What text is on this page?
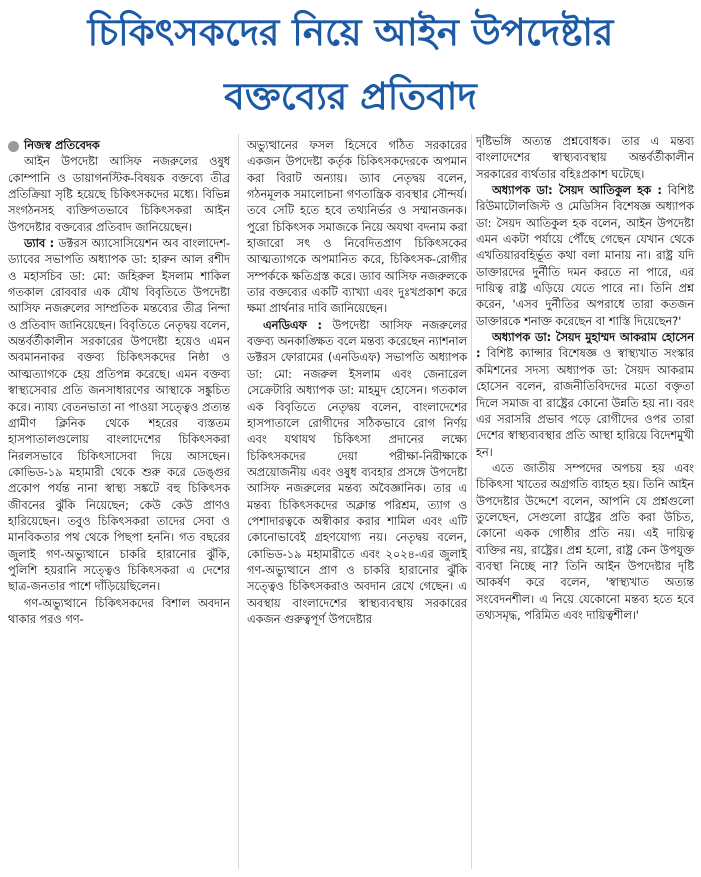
চিকিৎসকদের নিয়ে আইন উপদেষ্টার
বক্তব্যের প্রতিবাদ
নিজস্ব প্রতিবেদক

আইন উপদেষ্টা আসিফ নজরুলের ওষুধ কোম্পানি ও ডায়াগনস্টিক-বিষয়ক বক্তব্যে তীব্র প্রতিক্রিয়া সৃষ্টি হয়েছে চিকিৎসকদের মধ্যে। বিভিন্ন সংগঠনসহ ব্যক্তিগতভাবে চিকিৎসকরা আইন উপদেষ্টার বক্তব্যের প্রতিবাদ জানিয়েছেন।

ড্যাব : ডক্টরস অ্যাসোসিয়েশন অব বাংলাদেশ-ড্যাবের সভাপতি অধ্যাপক ডা: হারুন আল রশীদ ও মহাসচিব ডা: মো: জহিরুল ইসলাম শাকিল গতকাল রোববার এক যৌথ বিবৃতিতে উপদেষ্টা আসিফ নজরুলের সাম্প্রতিক মন্তব্যের তীব্র নিন্দা ও প্রতিবাদ জানিয়েছেন। বিবৃতিতে নেতৃদ্বয় বলেন, অন্তর্বর্তীকালীন সরকারের উপদেষ্টা হয়েও এমন অবমাননাকর বক্তব্য চিকিৎসকদের নিষ্ঠা ও আত্মত্যাগকে হেয় প্রতিপন্ন করেছে। এমন বক্তব্য স্বাস্থ্যসেবার প্রতি জনসাধারণের আস্থাকে সঙ্কুচিত করে। ন্যায্য বেতনভাতা না পাওয়া সত্ত্বেও প্রত্যন্ত গ্রামীণ ক্লিনিক থেকে শহরের ব্যস্ততম হাসপাতালগুলোয় বাংলাদেশের চিকিৎসকরা নিরলসভাবে চিকিৎসাসেবা দিয়ে আসছেন। কোভিড-১৯ মহামারী থেকে শুরু করে ডেঙ্গুর প্রকোপ পর্যন্ত নানা স্বাস্থ্য সঙ্কটে বহু চিকিৎসক জীবনের ঝুঁকি নিয়েছেন; কেউ কেউ প্রাণও হারিয়েছেন। তবুও চিকিৎসকরা তাদের সেবা ও মানবিকতার পথ থেকে পিছপা হননি। গত বছরের জুলাই গণ-অভ্যুত্থানে চাকরি হারানোর ঝুঁকি, পুলিশি হয়রানি সত্ত্বেও চিকিৎসকরা এ দেশের ছাত্র-জনতার পাশে দাঁড়িয়েছিলেন।

গণ-অভ্যুত্থানে চিকিৎসকদের বিশাল অবদান থাকার পরও গণ-

অভ্যুত্থানের ফসল হিসেবে গঠিত সরকারের একজন উপদেষ্টা কর্তৃক চিকিৎসকদেরকে অপমান করা বিরাট অন্যায়। ড্যাব নেতৃদ্বয় বলেন, গঠনমূলক সমালোচনা গণতান্ত্রিক ব্যবস্থার সৌন্দর্য। তবে সেটি হতে হবে তথ্যনির্ভর ও সম্মানজনক। পুরো চিকিৎসক সমাজকে নিয়ে অযথা বদনাম করা হাজারো সৎ ও নিবেদিতপ্রাণ চিকিৎসকের আত্মত্যাগকে অপমানিত করে, চিকিৎসক-রোগীর সম্পর্ককে ক্ষতিগ্রস্ত করে। ড্যাব আসিফ নজরুলকে তার বক্তব্যের একটি ব্যাখ্যা এবং দুঃখপ্রকাশ করে ক্ষমা প্রার্থনার দাবি জানিয়েছেন।

এনডিএফ : উপদেষ্টা আসিফ নজরুলের বক্তব্য অনকাঙ্ক্ষিত বলে মন্তব্য করেছেন ন্যাশনাল ডক্টরস ফোরামের (এনডিএফ) সভাপতি অধ্যাপক ডা: মো: নজরুল ইসলাম এবং জেনারেল সেক্রেটারি অধ্যাপক ডা: মাহমুদ হোসেন। গতকাল এক বিবৃতিতে নেতৃদ্বয় বলেন, বাংলাদেশের হাসপাতালে রোগীদের সঠিকভাবে রোগ নির্ণয় এবং যথাযথ চিকিৎসা প্রদানের লক্ষ্যে চিকিৎসকদের দেয়া পরীক্ষা-নিরীক্ষাকে অপ্রয়োজনীয় এবং ওষুধ ব্যবহার প্রসঙ্গে উপদেষ্টা আসিফ নজরুলের মন্তব্য অবৈজ্ঞানিক। তার এ মন্তব্য চিকিৎসকদের অক্লান্ত পরিশ্রম, ত্যাগ ও পেশাদারত্বকে অস্বীকার করার শামিল এবং এটি কোনোভাবেই গ্রহণযোগ্য নয়। নেতৃদ্বয় বলেন, কোভিড-১৯ মহামারীতে এবং ২০২৪-এর জুলাই গণ-অভ্যুত্থানে প্রাণ ও চাকরি হারানোর ঝুঁকি সত্ত্বেও চিকিৎসকরাও অবদান রেখে গেছেন। এ অবস্থায় বাংলাদেশের স্বাস্থ্যব্যবস্থায় সরকারের একজন গুরুত্বপূর্ণ উপদেষ্টার

দৃষ্টিভঙ্গি অত্যন্ত প্রশ্নবোধক। তার এ মন্তব্য বাংলাদেশের স্বাস্থ্যব্যবস্থায় অন্তর্বর্তীকালীন সরকারের ব্যর্থতার বহিঃপ্রকাশ ঘটেছে।

অধ্যাপক ডা: সৈয়দ আতিকুল হক : বিশিষ্ট রিউমাটোলজিস্ট ও মেডিসিন বিশেষজ্ঞ অধ্যাপক ডা: সৈয়দ আতিকুল হক বলেন, আইন উপদেষ্টা এমন একটা পর্যায়ে পৌঁছে গেছেন যেখান থেকে এখতিয়ারবহির্ভূত কথা বলা মানায় না। রাষ্ট্র যদি ডাক্তারদের দুর্নীতি দমন করতে না পারে, এর দায়িত্ব রাষ্ট্র এড়িয়ে যেতে পারে না। তিনি প্রশ্ন করেন, 'এসব দুর্নীতির অপরাধে তারা কতজন ডাক্তারকে শনাক্ত করেছেন বা শাস্তি দিয়েছেন?'

অধ্যাপক ডা: সৈয়দ মুহাম্মদ আকরাম হোসেন : বিশিষ্ট ক্যান্সার বিশেষজ্ঞ ও স্বাস্থ্যখাত সংস্কার কমিশনের সদস্য অধ্যাপক ডা: সৈয়দ আকরাম হোসেন বলেন, রাজনীতিবিদদের মতো বক্তৃতা দিলে সমাজ বা রাষ্ট্রের কোনো উন্নতি হয় না। বরং এর সরাসরি প্রভাব পড়ে রোগীদের ওপর তারা দেশের স্বাস্থ্যব্যবস্থার প্রতি আস্থা হারিয়ে বিদেশমুখী হন।

এতে জাতীয় সম্পদের অপচয় হয় এবং চিকিৎসা খাতের অগ্রগতি ব্যাহত হয়। তিনি আইন উপদেষ্টার উদ্দেশে বলেন, আপনি যে প্রশ্নগুলো তুলেছেন, সেগুলো রাষ্ট্রের প্রতি করা উচিত, কোনো একক গোষ্ঠীর প্রতি নয়। এই দায়িত্ব ব্যক্তির নয়, রাষ্ট্রের। প্রশ্ন হলো, রাষ্ট্র কেন উপযুক্ত ব্যবস্থা নিচ্ছে না? তিনি আইন উপদেষ্টার দৃষ্টি আকর্ষণ করে বলেন, 'স্বাস্থ্যখাত অত্যন্ত সংবেদনশীল। এ নিয়ে যেকোনো মন্তব্য হতে হবে তথ্যসমৃদ্ধ, পরিমিত এবং দায়িত্বশীল।'
